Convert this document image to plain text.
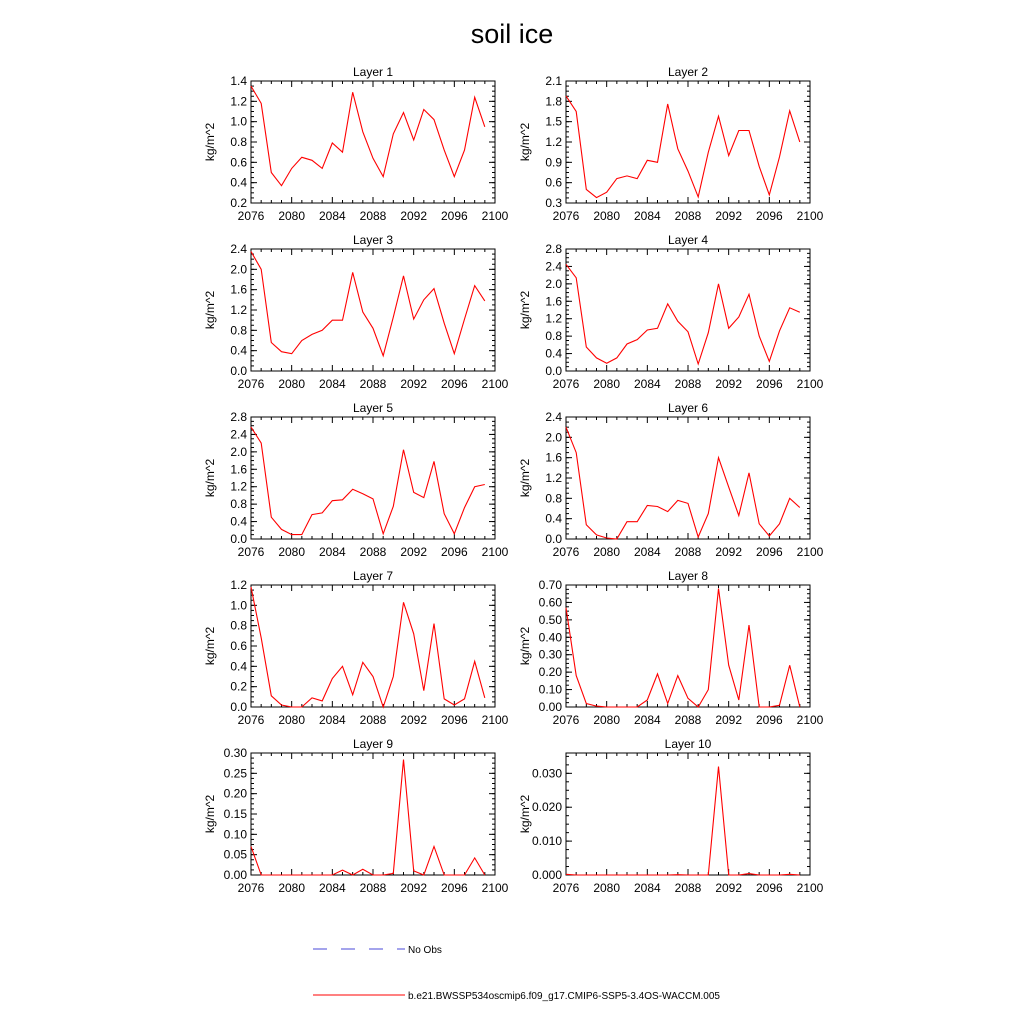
soil ice
Layer 1
2076 2080 2084 2088 2092 2096 2100
0.2
0.4
0.6
0.8
1.0
1.2
1.4
kg/m^2
Layer 2
2076 2080 2084 2088 2092 2096 2100
0.3
0.6
0.9
1.2
1.5
1.8
2.1
kg/m^2
Layer 3
2076 2080 2084 2088 2092 2096 2100
0.0
0.4
0.8
1.2
1.6
2.0
2.4
kg/m^2
Layer 4
2076 2080 2084 2088 2092 2096 2100
0.0
0.4
0.8
1.2
1.6
2.0
2.4
2.8
kg/m^2
Layer 5
2076 2080 2084 2088 2092 2096 2100
0.0
0.4
0.8
1.2
1.6
2.0
2.4
2.8
kg/m^2
Layer 6
2076 2080 2084 2088 2092 2096 2100
0.0
0.4
0.8
1.2
1.6
2.0
2.4
kg/m^2
Layer 7
2076 2080 2084 2088 2092 2096 2100
0.0
0.2
0.4
0.6
0.8
1.0
1.2
kg/m^2
Layer 8
2076 2080 2084 2088 2092 2096 2100
0.00
0.10
0.20
0.30
0.40
0.50
0.60
0.70
kg/m^2
Layer 9
2076 2080 2084 2088 2092 2096 2100
0.00
0.05
0.10
0.15
0.20
0.25
0.30
kg/m^2
Layer 10
2076 2080 2084 2088 2092 2096 2100
0.000
0.010
0.020
0.030
kg/m^2
No Obs
b.e21.BWSSP534oscmip6.f09_g17.CMIP6-SSP5-3.4OS-WACCM.005
